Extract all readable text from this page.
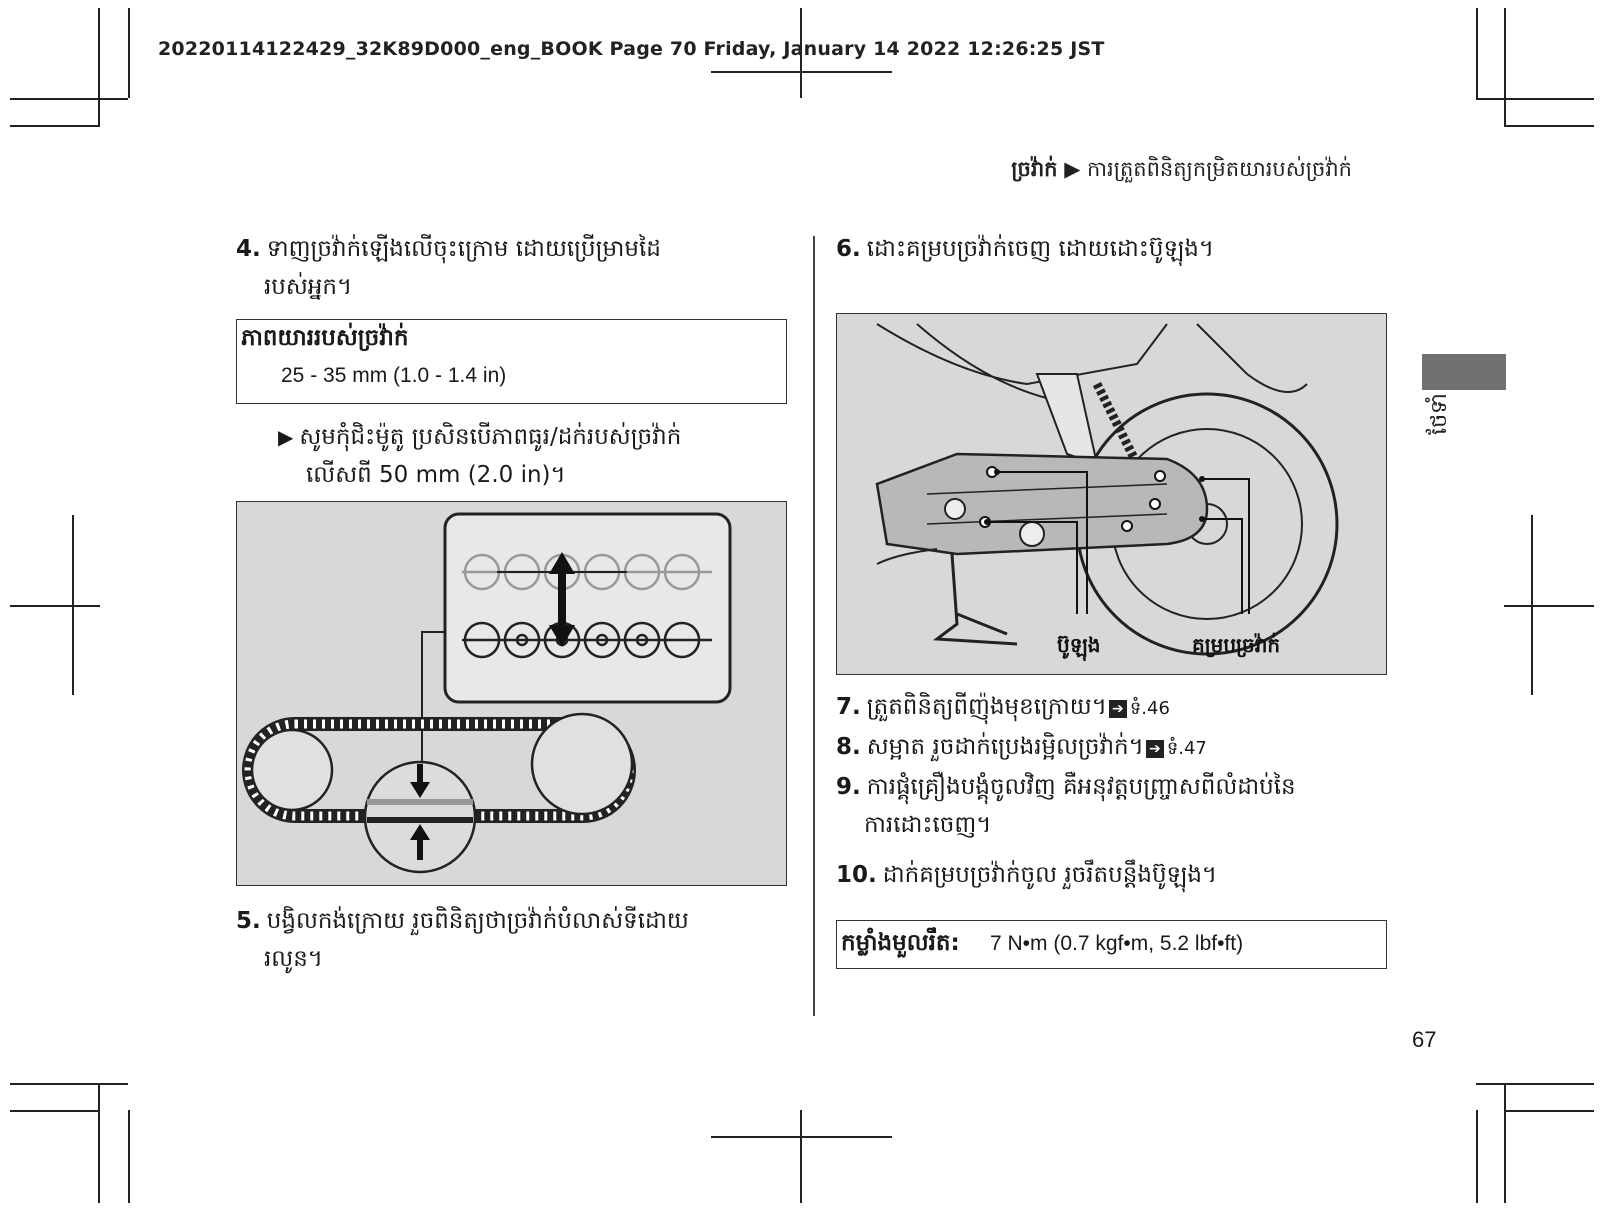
20220114122429_32K89D000_eng_BOOK Page 70 Friday, January 14 2022 12:26:25 JST
ច្រវ៉ាក់ ▶ ការត្រួតពិនិត្យកម្រិតយារបស់ច្រវ៉ាក់
4. ទាញច្រវ៉ាក់ឡើងលើចុះក្រោម ដោយប្រើម្រាមដៃ
របស់អ្នក។
ភាពយាររបស់ច្រវ៉ាក់
25 - 35 mm (1.0 - 1.4 in)
▶ សូមកុំជិះម៉ូតូ ប្រសិនបើភាពធូរ/ដក់របស់ច្រវ៉ាក់
លើសពី 50 mm (2.0 in)។
5. បង្វិលកង់ក្រោយ រួចពិនិត្យថាច្រវ៉ាក់បំលាស់ទីដោយ
រលូន។
6. ដោះគម្របច្រវ៉ាក់ចេញ ដោយដោះប៊ូឡុង។
ប៊ូឡុង	គម្របច្រវ៉ាក់
7. ត្រួតពិនិត្យពីញ៉ុងមុខក្រោយ។ ➔ ទំ.46
8. សម្អាត រួចដាក់ប្រេងរម្អិលច្រវ៉ាក់។ ➔ ទំ.47
9. ការផ្គុំគ្រឿងបង្គុំចូលវិញ គឺអនុវត្តបញ្ច្រាសពីលំដាប់នៃ
ការដោះចេញ។
10. ដាក់គម្របច្រវ៉ាក់ចូល រួចរឹតបន្តឹងប៊ូឡុង។
កម្លាំងមួលរឹត: 7 N•m (0.7 kgf•m, 5.2 lbf•ft)
ថែទាំ
67
